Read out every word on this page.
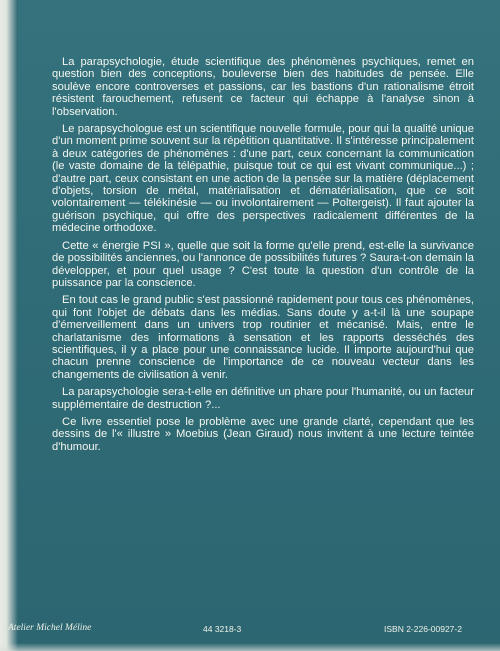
La parapsychologie, étude scientifique des phénomènes psychiques, remet en question bien des conceptions, bouleverse bien des habitudes de pensée. Elle soulève encore controverses et passions, car les bastions d'un rationalisme étroit résistent farouchement, refusent ce facteur qui échappe à l'analyse sinon à l'observation.

Le parapsychologue est un scientifique nouvelle formule, pour qui la qualité unique d'un moment prime souvent sur la répétition quantitative. Il s'intéresse principalement à deux catégories de phénomènes : d'une part, ceux concernant la communication (le vaste domaine de la télépathie, puisque tout ce qui est vivant communique...) ; d'autre part, ceux consistant en une action de la pensée sur la matière (déplacement d'objets, torsion de métal, matérialisation et dématérialisation, que ce soit volontairement — télékinésie — ou involontairement — Poltergeist). Il faut ajouter la guérison psychique, qui offre des perspectives radicalement différentes de la médecine orthodoxe.

Cette « énergie PSI », quelle que soit la forme qu'elle prend, est-elle la survivance de possibilités anciennes, ou l'annonce de possibilités futures ? Saura-t-on demain la développer, et pour quel usage ? C'est toute la question d'un contrôle de la puissance par la conscience.

En tout cas le grand public s'est passionné rapidement pour tous ces phénomènes, qui font l'objet de débats dans les médias. Sans doute y a-t-il là une soupape d'émerveillement dans un univers trop routinier et mécanisé. Mais, entre le charlatanisme des informations à sensation et les rapports desséchés des scientifiques, il y a place pour une connaissance lucide. Il importe aujourd'hui que chacun prenne conscience de l'importance de ce nouveau vecteur dans les changements de civilisation à venir.

La parapsychologie sera-t-elle en définitive un phare pour l'humanité, ou un facteur supplémentaire de destruction ?...

Ce livre essentiel pose le problème avec une grande clarté, cependant que les dessins de l'« illustre » Moebius (Jean Giraud) nous invitent à une lecture teintée d'humour.

Atelier Michel Méline	44 3218-3	ISBN 2-226-00927-2
